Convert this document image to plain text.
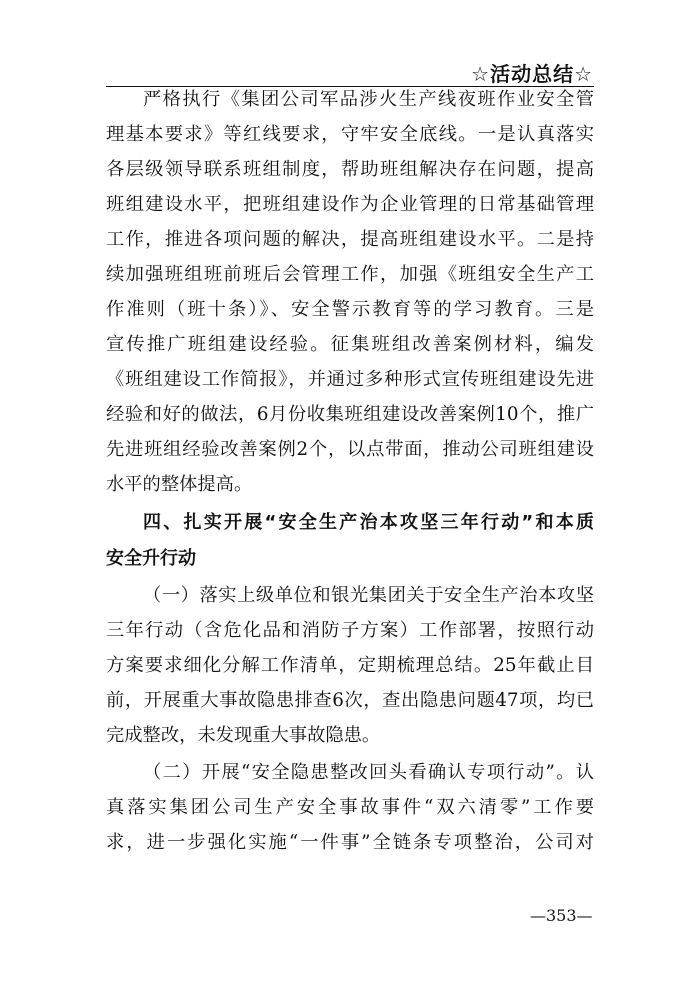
☆活动总结☆
严格执行《集团公司军品涉火生产线夜班作业安全管
理基本要求》等红线要求，守牢安全底线。一是认真落实
各层级领导联系班组制度，帮助班组解决存在问题，提高
班组建设水平，把班组建设作为企业管理的日常基础管理
工作，推进各项问题的解决，提高班组建设水平。二是持
续加强班组班前班后会管理工作，加强《班组安全生产工
作准则（班十条）》、安全警示教育等的学习教育。三是
宣传推广班组建设经验。征集班组改善案例材料，编发
《班组建设工作简报》，并通过多种形式宣传班组建设先进
经验和好的做法，6月份收集班组建设改善案例10个，推广
先进班组经验改善案例2个，以点带面，推动公司班组建设
水平的整体提高。
四、扎实开展“安全生产治本攻坚三年行动”和本质
安全升行动
（一）落实上级单位和银光集团关于安全生产治本攻坚
三年行动（含危化品和消防子方案）工作部署，按照行动
方案要求细化分解工作清单，定期梳理总结。25年截止目
前，开展重大事故隐患排查6次，查出隐患问题47项，均已
完成整改，未发现重大事故隐患。
（二）开展“安全隐患整改回头看确认专项行动”。认
真落实集团公司生产安全事故事件“双六清零”工作要
求，进一步强化实施“一件事”全链条专项整治，公司对
—353—
